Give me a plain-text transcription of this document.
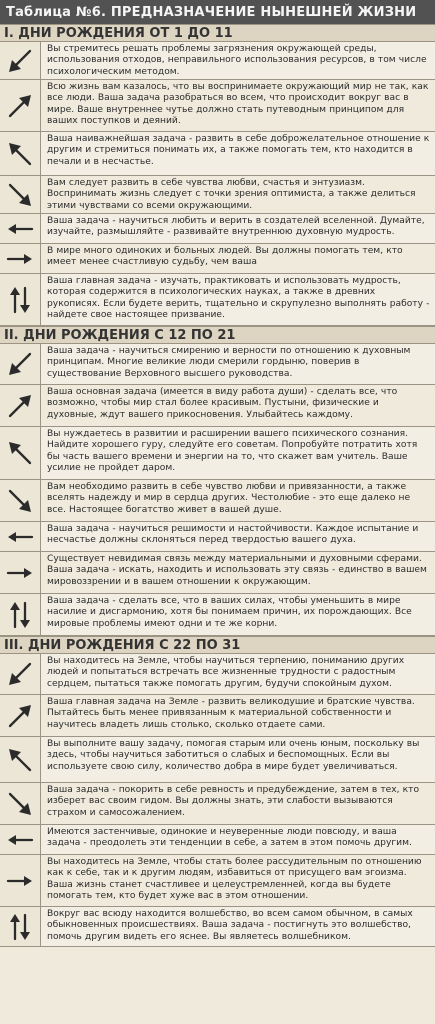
Таблица №6. ПРЕДНАЗНАЧЕНИЕ НЫНЕШНЕЙ ЖИЗНИ
I. ДНИ РОЖДЕНИЯ ОТ 1 ДО 11
Вы стремитесь решать проблемы загрязнения окружающей среды, использования отходов, неправильного использования ресурсов, в том числе психологическим методом.
Всю жизнь вам казалось, что вы воспринимаете окружающий мир не так, как все люди. Ваша задача разобраться во всем, что происходит вокруг вас в мире. Ваше внутреннее чутье должно стать путеводным принципом для ваших поступков и деяний.
Ваша наиважнейшая задача - развить в себе доброжелательное отношение к другим и стремиться понимать их, а также помогать тем, кто находится в печали и в несчастье.
Вам следует развить в себе чувства любви, счастья и энтузиазм. Воспринимать жизнь следует с точки зрения оптимиста, а также делиться этими чувствами со всеми окружающими.
Ваша задача - научиться любить и верить в создателей вселенной. Думайте, изучайте, размышляйте - развивайте внутреннюю духовную мудрость.
В мире много одиноких и больных людей. Вы должны помогать тем, кто имеет менее счастливую судьбу, чем ваша
Ваша главная задача - изучать, практиковать и использовать мудрость, которая содержится в психологических науках, а также в древних рукописях. Если будете верить, тщательно и скрупулезно выполнять работу - найдете свое настоящее призвание.
II. ДНИ РОЖДЕНИЯ С 12 ПО 21
Ваша задача - научиться смирению и верности по отношению к духовным принципам. Многие великие люди смерили гордыню, поверив в существование Верховного высшего руководства.
Ваша основная задача (имеется в виду работа души) - сделать все, что возможно, чтобы мир стал более красивым. Пустыни, физические и духовные, ждут вашего прикосновения. Улыбайтесь каждому.
Вы нуждаетесь в развитии и расширении вашего психического сознания. Найдите хорошего гуру, следуйте его советам. Попробуйте потратить хотя бы часть вашего времени и энергии на то, что скажет вам учитель. Ваше усилие не пройдет даром.
Вам необходимо развить в себе чувство любви и привязанности, а также вселять надежду и мир в сердца других. Честолюбие - это еще далеко не все. Настоящее богатство живет в вашей душе.
Ваша задача - научиться решимости и настойчивости. Каждое испытание и несчастье должны склоняться перед твердостью вашего духа.
Существует невидимая связь между материальными и духовными сферами. Ваша задача - искать, находить и использовать эту связь - единство в вашем мировоззрении и в вашем отношении к окружающим.
Ваша задача - сделать все, что в ваших силах, чтобы уменьшить в мире насилие и дисгармонию, хотя бы понимаем причин, их порождающих. Все мировые проблемы имеют одни и те же корни.
III. ДНИ РОЖДЕНИЯ С 22 ПО 31
Вы находитесь на Земле, чтобы научиться терпению, пониманию других людей и попытаться встречать все жизненные трудности с радостным сердцем, пытаться также помогать другим, будучи спокойным духом.
Ваша главная задача на Земле - развить великодушие и братские чувства. Пытайтесь быть менее привязанным к материальной собственности и научитесь владеть лишь столько, сколько отдаете сами.
Вы выполните вашу задачу, помогая старым или очень юным, поскольку вы здесь, чтобы научиться заботиться о слабых и беспомощных. Если вы используете свою силу, количество добра в мире будет увеличиваться.
Ваша задача - покорить в себе ревность и предубеждение, затем в тех, кто изберет вас своим гидом. Вы должны знать, эти слабости вызываются страхом и самосожалением.
Имеются застенчивые, одинокие и неуверенные люди повсюду, и ваша задача - преодолеть эти тенденции в себе, а затем в этом помочь другим.
Вы находитесь на Земле, чтобы стать более рассудительным по отношению как к себе, так и к другим людям, избавиться от присущего вам эгоизма. Ваша жизнь станет счастливее и целеустремленней, когда вы будете помогать тем, кто будет хуже вас в этом отношении.
Вокруг вас всюду находится волшебство, во всем самом обычном, в самых обыкновенных происшествиях. Ваша задача - постигнуть это волшебство, помочь другим видеть его яснее. Вы являетесь волшебником.
